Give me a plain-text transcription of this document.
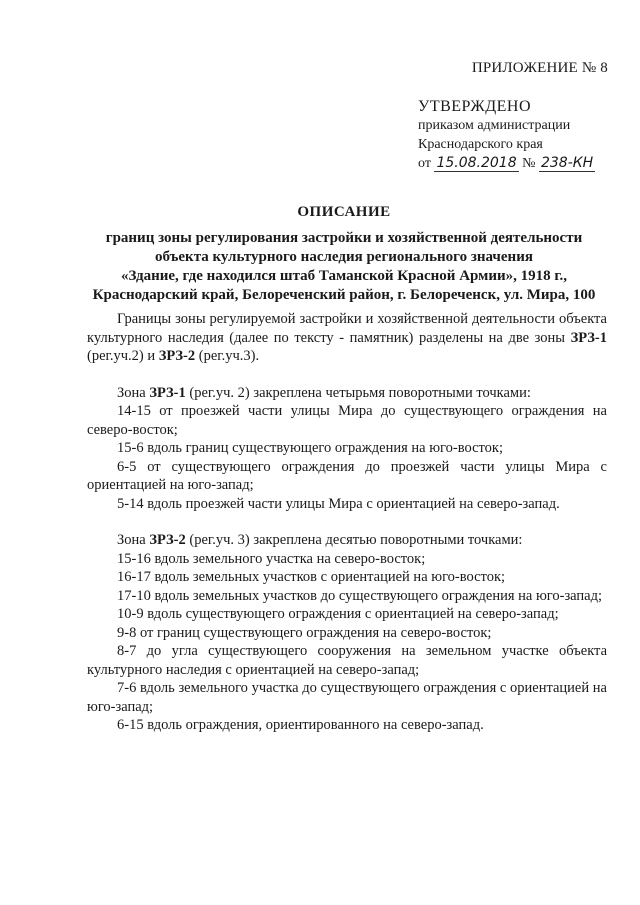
ПРИЛОЖЕНИЕ № 8
УТВЕРЖДЕНО
приказом администрации
Краснодарского края
от 15.08.2018 № 238-КН
ОПИСАНИЕ
границ зоны регулирования застройки и хозяйственной деятельности
объекта культурного наследия регионального значения
«Здание, где находился штаб Таманской Красной Армии», 1918 г.,
Краснодарский край, Белореченский район, г. Белореченск, ул. Мира, 100

Границы зоны регулируемой застройки и хозяйственной деятельности объекта культурного наследия (далее по тексту - памятник) разделены на две зоны ЗРЗ-1 (рег.уч.2) и ЗРЗ-2 (рег.уч.3).

Зона ЗРЗ-1 (рег.уч. 2) закреплена четырьмя поворотными точками:

14-15 от проезжей части улицы Мира до существующего ограждения на северо-восток;

15-6 вдоль границ существующего ограждения на юго-восток;

6-5 от существующего ограждения до проезжей части улицы Мира с ориентацией на юго-запад;

5-14 вдоль проезжей части улицы Мира с ориентацией на северо-запад.

Зона ЗРЗ-2 (рег.уч. 3) закреплена десятью поворотными точками:

15-16 вдоль земельного участка на северо-восток;

16-17 вдоль земельных участков с ориентацией на юго-восток;

17-10 вдоль земельных участков до существующего ограждения на юго-запад;

10-9 вдоль существующего ограждения с ориентацией на северо-запад;

9-8 от границ существующего ограждения на северо-восток;

8-7 до угла существующего сооружения на земельном участке объекта культурного наследия с ориентацией на северо-запад;

7-6 вдоль земельного участка до существующего ограждения с ориентацией на юго-запад;

6-15 вдоль ограждения, ориентированного на северо-запад.
